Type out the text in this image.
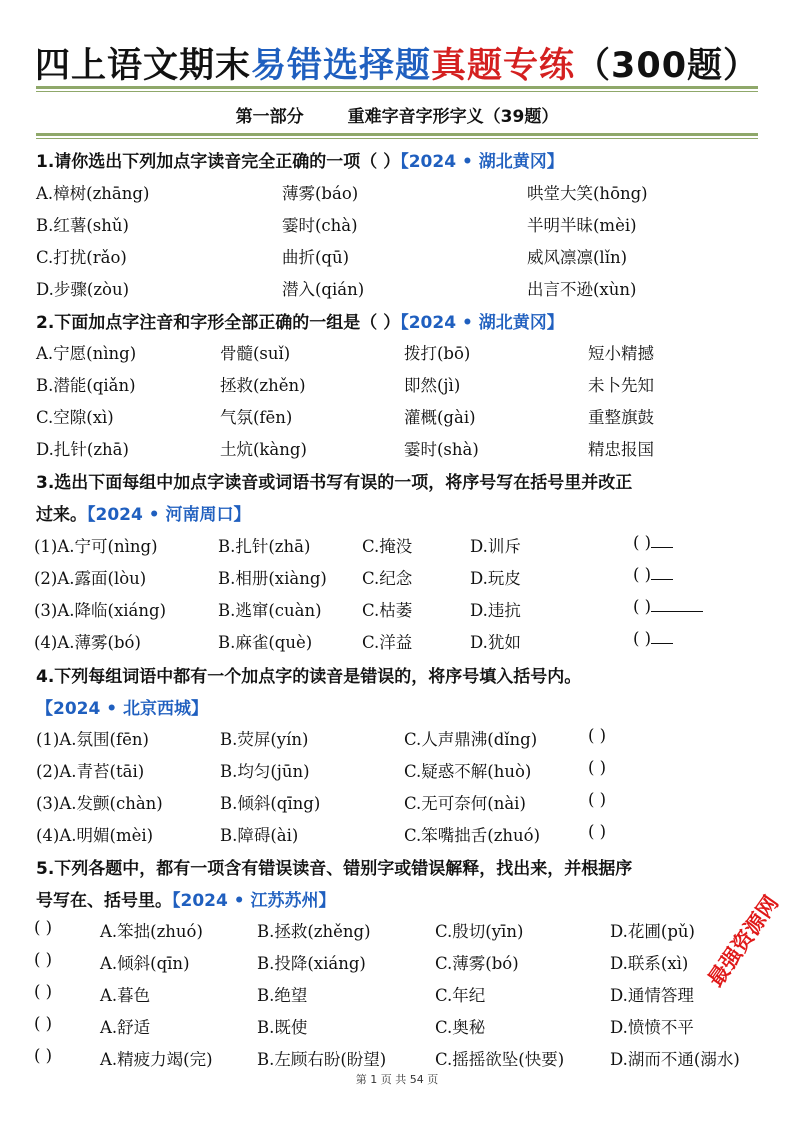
四上语文期末易错选择题真题专练（300题）
第一部分	重难字音字形字义（39题）
1.请你选出下列加点字读音完全正确的一项（ ）【2024 • 湖北黄冈】
A.樟树(zhāng)	薄雾(báo)	哄堂大笑(hōng)
B.红薯(shǔ)	霎时(chà)	半明半昧(mèi)
C.打扰(rǎo)	曲折(qū)	威风凛凛(lǐn)
D.步骤(zòu)	潜入(qián)	出言不逊(xùn)
2.下面加点字注音和字形全部正确的一组是（ ）【2024 • 湖北黄冈】
A.宁愿(nìng)	骨髓(suǐ)	拨打(bō)	短小精撼
B.潜能(qiǎn)	拯救(zhěn)	即然(jì)	未卜先知
C.空隙(xì)	气氛(fēn)	灌概(gài)	重整旗鼓
D.扎针(zhā)	土炕(kàng)	霎时(shà)	精忠报国
3.选出下面每组中加点字读音或词语书写有误的一项，将序号写在括号里并改正
过来。【2024 • 河南周口】
(1)A.宁可(nìng)	B.扎针(zhā)	C.掩没	D.训斥	( )
(2)A.露面(lòu)	B.相册(xiàng) C.纪念	D.玩皮	( )
(3)A.降临(xiáng)	B.逃窜(cuàn) C.枯萎	D.违抗	( )
(4)A.薄雾(bó)	B.麻雀(què)	C.洋益	D.犹如	( )
4.下列每组词语中都有一个加点字的读音是错误的，将序号填入括号内。
【2024 • 北京西城】
(1)A.氛围(fēn)	B.荧屏(yín)	C.人声鼎沸(dǐng)	( )
(2)A.青苔(tāi)	B.均匀(jūn)	C.疑惑不解(huò)	( )
(3)A.发颤(chàn)	B.倾斜(qīng)	C.无可奈何(nài)	( )
(4)A.明媚(mèi)	B.障碍(ài)	C.笨嘴拙舌(zhuó)	( )
5.下列各题中，都有一项含有错误读音、错别字或错误解释，找出来，并根据序
号写在、括号里。【2024 • 江苏苏州】
( )	A.笨拙(zhuó)	B.拯救(zhěng)	C.殷切(yīn)	D.花圃(pǔ)
( )	A.倾斜(qīn)	B.投降(xiáng)	C.薄雾(bó)	D.联系(xì)
( )	A.暮色	B.绝望	C.年纪	D.通情答理
( )	A.舒适	B.既使	C.奥秘	D.愤愤不平
( )	A.精疲力竭(完)	B.左顾右盼(盼望)	C.摇摇欲坠(快要)	D.湖而不通(溺水)
第 1 页 共 54 页
最强资源网
